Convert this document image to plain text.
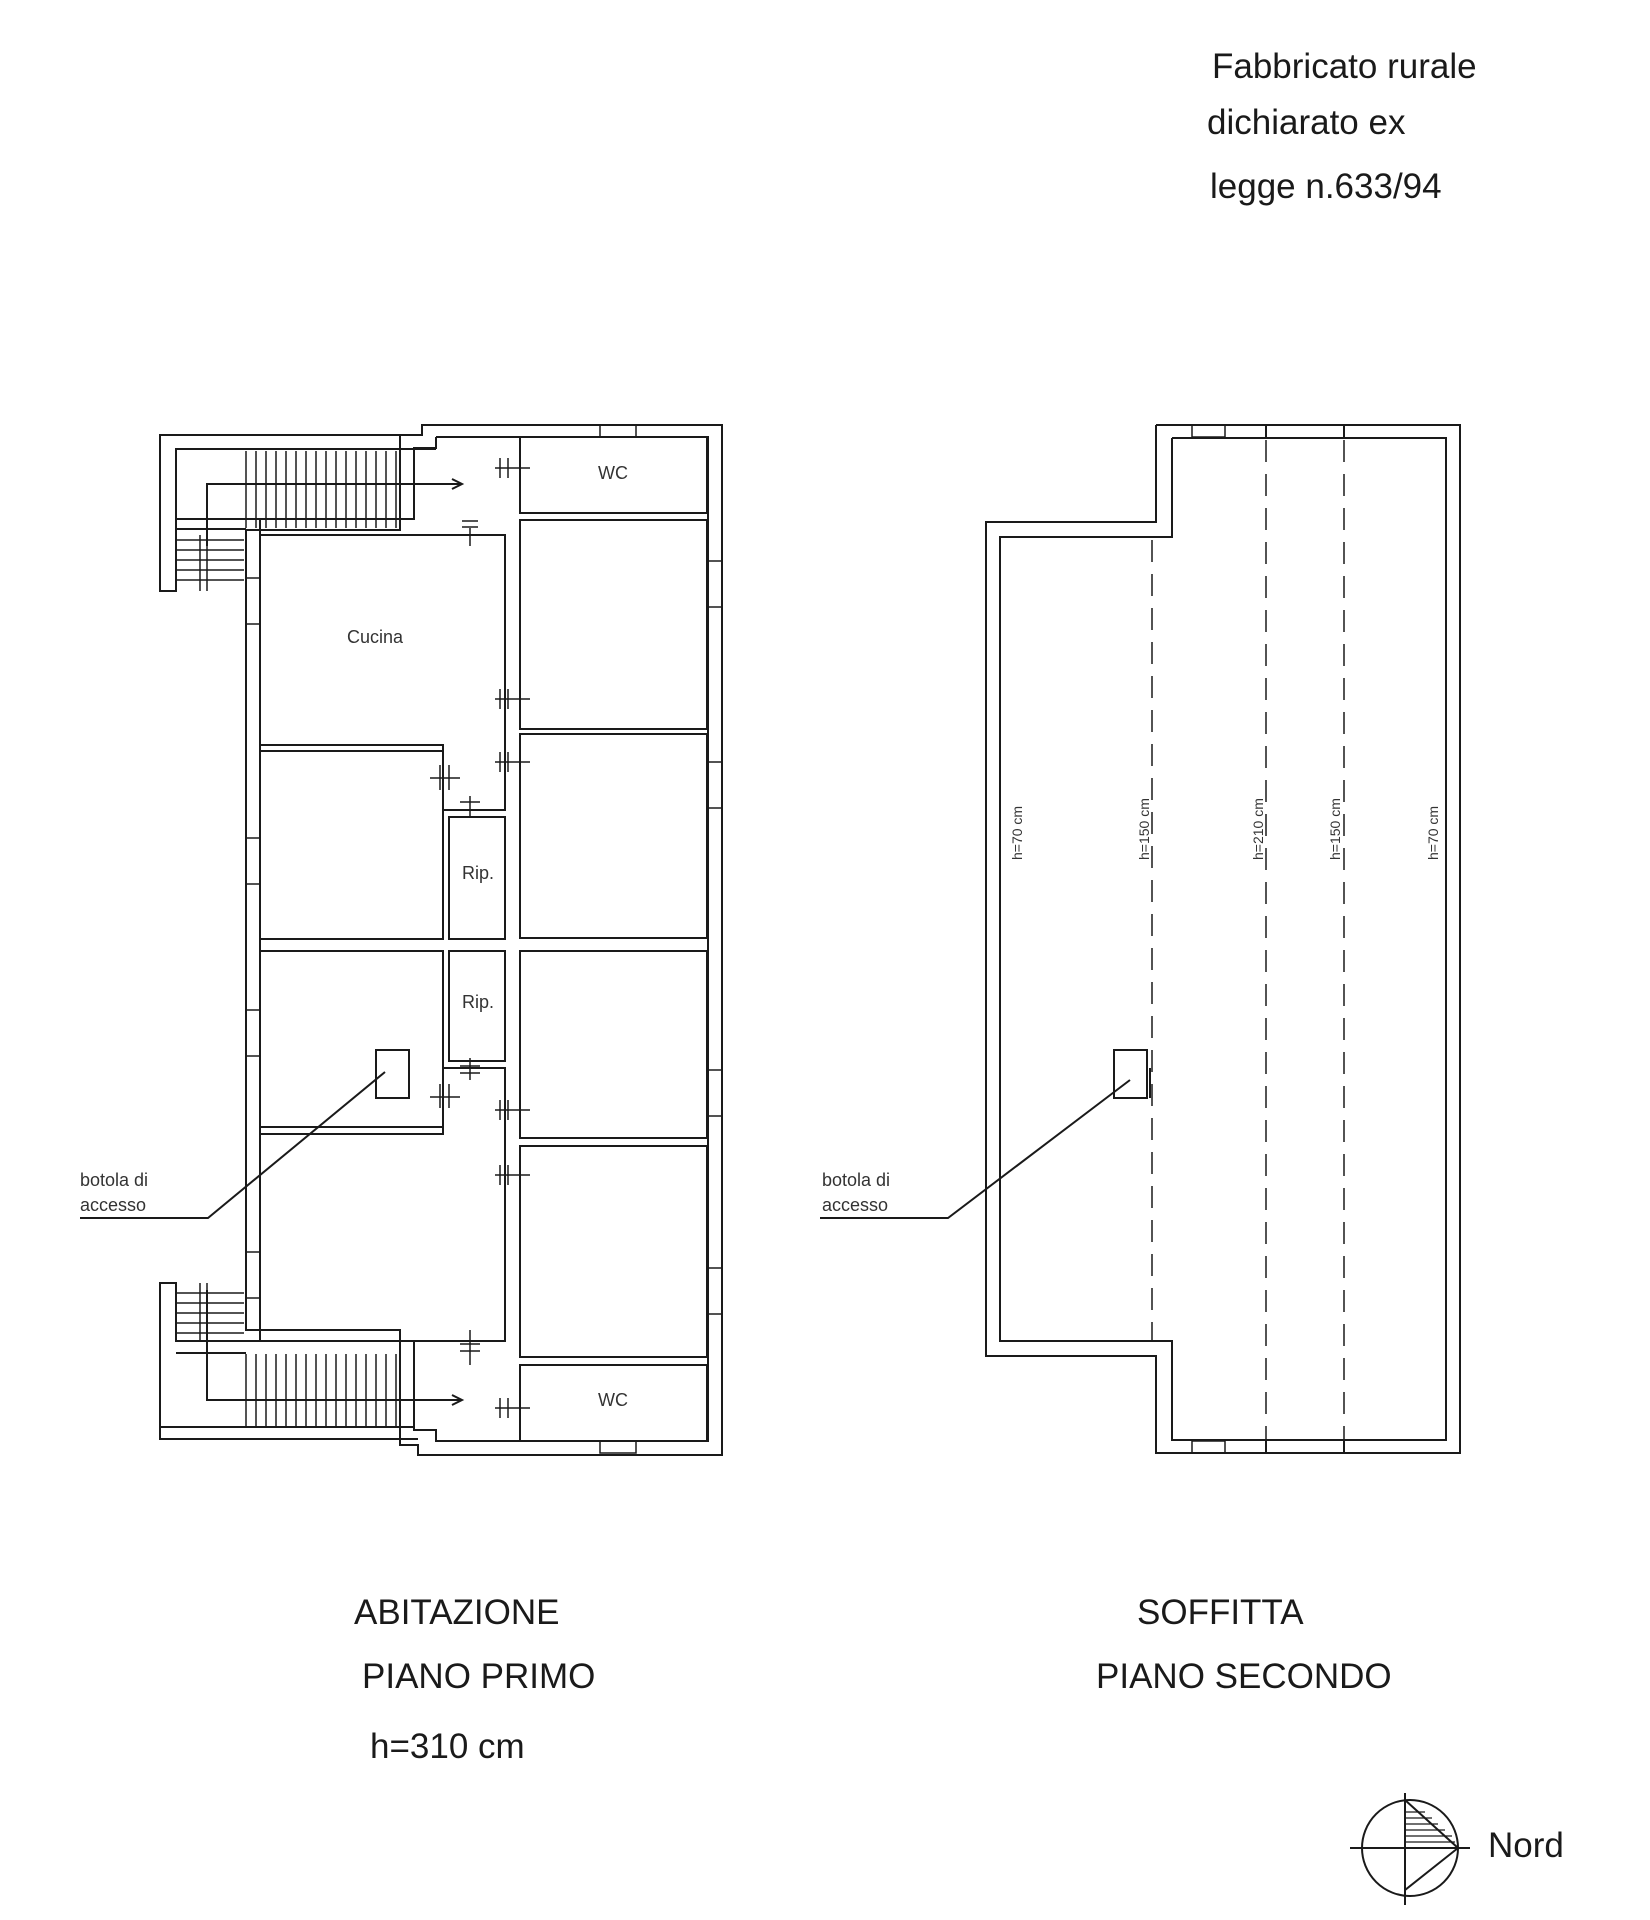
Fabbricato rurale
dichiarato ex
legge n.633/94
h=70 cm	h=150 cm	h=210 cm	h=150 cm	h=70 cm
WC
Cucina
Rip.
Rip.
WC
botola di
accesso
botola di
accesso
ABITAZIONE
PIANO PRIMO
h=310 cm
SOFFITTA
PIANO SECONDO
Nord
